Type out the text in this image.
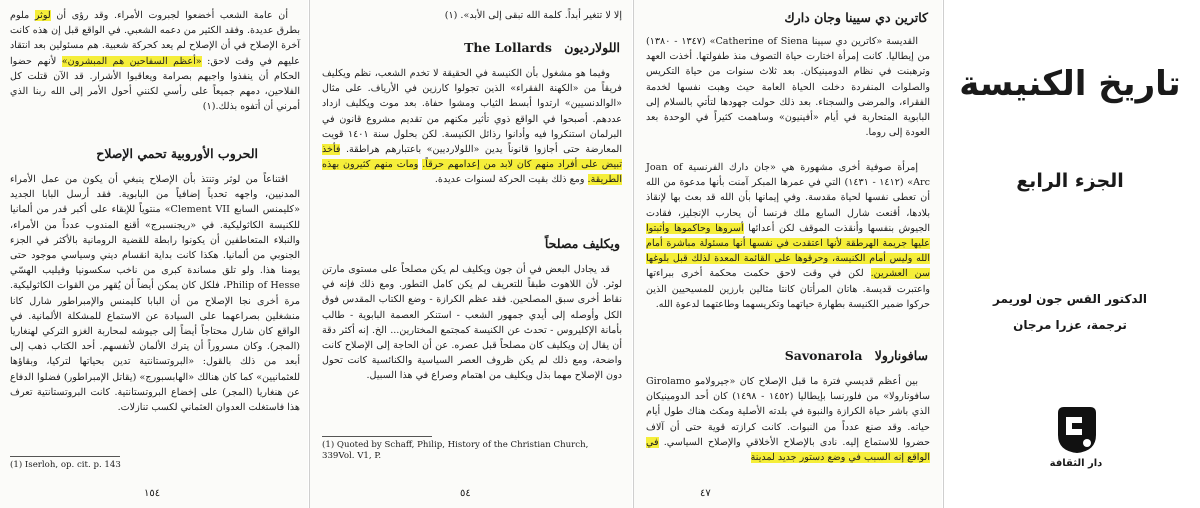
أن عامة الشعب أخضعوا لجبروت الأمراء. وقد رؤى أن لوثر ملوم بطرق عديدة. وفقد الكثير من دعمه الشعبي. في الواقع قبل إن هذه كانت آخرة الإصلاح في أن الإصلاح لم يعد كحركة شعبية. هم مسئولين بعد انتقاد عليهم في وقت لاحق: «أعظم السفاحين هم المبشرون» لأنهم حضوا الحكام أن ينفذوا واجبهم بصرامة ويعاقبوا الأشرار. قد الآن قتلت كل الفلاحين، دمهم جميعاً على رأسي لكنني أحول الأمر إلى الله ربنا الذي أمرني أن أتفوه بذلك.(١)

الحروب الأوروبية تحمي الإصلاح

اقتناعاً من لوثر وتنتذ بأن الإصلاح ينبغي أن يكون من عمل الأمراء المدنيين، واجهه تحدياً إضافياً من البابوية. فقد أرسل البابا الجديد «كليمنس السابع Clement VII» منتوياً للإبقاء على أكبر قدر من ألمانيا للكنيسة الكاثوليكية. في «ريجنسبرج» أقنع المندوب عدداً من الأمراء، والنبلاء المتعاطفين أن يكونوا رابطة للقضية الرومانية بالأكثر في الجزء الجنوبي من ألمانيا. هكذا كانت بداية انقسام ديني وسياسي موجود حتى يومنا هذا. ولو تلق مساندة كبرى من ناخب سكسونيا وفيليب الهسّي Philip of Hesse، فلكل كان يمكن أيضاً أن يُقهر من القوات الكاثوليكية. مرة أخرى نجا الإصلاح من أن البابا كليمنس والإمبراطور شارل كانا منشغلين بصراعهما على السيادة عن الاستماع للمشكلة الألمانية. في الواقع كان شارل محتاجاً أيضاً إلى جيوشه لمحاربة الغزو التركي لهنغاريا (المجر). وكان مسروراً أن يترك الألمان لأنفسهم. أحد الكتاب ذهب إلى أبعد من ذلك بالقول: «البروتستانتية تدين بحياتها لتركيا، وبقاؤها للعثمانيين» كما كان هنالك «الهابسبورج» (يقاتل الإمبراطور) فضلوا الدفاع عن هنغاريا (المجر) على إخضاع البروتستانتية. كانت البروتستانتية تعرف هذا فاستغلت العدوان العثماني لكسب تنازلات.

(1) Iserloh, op. cit. p. 143
١٥٤

إلا لا تتغير أبداً. كلمة الله تبقى إلى الأبد». (١)

اللولارديون The Lollards

وفيما هو مشغول بأن الكنيسة في الحقيقة لا تخدم الشعب، نظم ويكليف فريقاً من «الكهنة الفقراء» الذين تجولوا كارزين في الأرياف. على مثال «الوالدنسيين» ارتدوا أبسط الثياب ومشوا حفاة. بعد موت ويكليف ازداد عددهم. أصبحوا في الواقع ذوي تأثير مكنهم من تقديم مشروع قانون في البرلمان استنكروا فيه وأدانوا رذائل الكنيسة. لكن بحلول سنة ١٤٠١ قويت المعارضة حتى أجازوا قانوناً يدين «اللولارديين» باعتبارهم هراطقة. فأخذ تبيض على أفراد منهم كان لابد من إعدامهم حرقاً. ومات منهم كثيرون بهذه الطريقة. ومع ذلك بقيت الحركة لسنوات عديدة.

ويكليف مصلحاً

قد يجادل البعض في أن جون ويكليف لم يكن مصلحاً على مستوى مارتن لوثر. لأن اللاهوت طبقاً للتعريف لم يكن كامل التطور. ومع ذلك فإنه في نقاط أخرى سبق المصلحين. فقد عظم الكرازة - وضع الكتاب المقدس فوق الكل وأوصله إلى أيدي جمهور الشعب - استنكر العصمة البابوية - طالب بأمانة الإكليروس - تحدث عن الكنيسة كمجتمع المختارين... الخ. إنه أكثر دقة أن يقال إن ويكليف كان مصلحاً قبل عصره. عن أن الحاجة إلى الإصلاح كانت واضحة، ومع ذلك لم يكن ظروف العصر السياسية والكنائسية كانت تحول دون الإصلاح مهما بذل ويكليف من اهتمام وصراع في هذا السبيل.

(1) Quoted by Schaff, Philip, History of the Christian Church, 339Vol. V1, P.
٥٤
كاترين دي سيينا وجان دارك

القديسة «كاترين دي سيينا Catherine of Siena» (١٣٤٧ - ١٣٨٠) من إيطاليا. كانت إمرأة اختارت حياة التصوف منذ طفولتها. أخذت العهد وترهبنت في نظام الدومينيكان. بعد ثلاث سنوات من حياة التكريس والصلوات المنفردة دخلت الحياة العامة حيث وهبت نفسها لخدمة الفقراء، والمرضى والسجناء. بعد ذلك حولت جهودها لتأتي بالسلام إلى البابوية المتحاربة في أيام «أفينيون» وساهمت كثيراً في الوحدة بعد العودة إلى روما.

إمرأة صوفية أخرى مشهورة هي «جان دارك الفرنسية Joan of Arc» (١٤١٢ - ١٤٣١) التي في عمرها المبكر آمنت بأنها مدعوة من الله أن تعطى نفسها لحياة مقدسة. وفي إيمانها بأن الله قد بعث بها لإنقاذ بلادها، أقنعت شارل السابع ملك فرنسا أن يحارب الإنجليز، فقادت الجيوش بنفسها وأنقذت الموقف لكن أعدائها أسروها وحاكموها وأثبتوا عليها جريمة الهرطقة لأنها اعتقدت في نفسها أنها مسئولة مباشرة أمام الله وليس أمام الكنيسة، وحرقوها على القائمة المعدة لذلك قبل بلوغها سن العشرين. لكن في وقت لاحق حكمت محكمة أخرى ببراءتها واعتبرت قديسة. هاتان المرأتان كانتا مثالين بارزين للمسيحيين الذين حركوا ضمير الكنيسة بطهارة حياتهما وتكريسهما وطاعتهما لدعوة الله.

سافونارولا Savonarola

بين أعظم قديسي فترة ما قبل الإصلاح كان «جيرولامو Girolamo سافونارولا» من فلورنسا بإيطاليا (١٤٥٢ - ١٤٩٨) كان أحد الدومينيكان الذي باشر حياة الكرازة والنبوة في بلدته الأصلية ومكث هناك طول أيام حياته. وقد صنع عدداً من النبوات. كانت كرازته قوية حتى أن آلاف حضروا للاستماع إليه. نادى بالإصلاح الأخلاقي والإصلاح السياسي. في الواقع إنه السبب في وضع دستور جديد لمدينة

٤٧
تاريخ الكنيسة
الجزء الرابع
الدكتور القس جون لوريمر
ترجمة، عزرا مرجان
دار الثقافة
